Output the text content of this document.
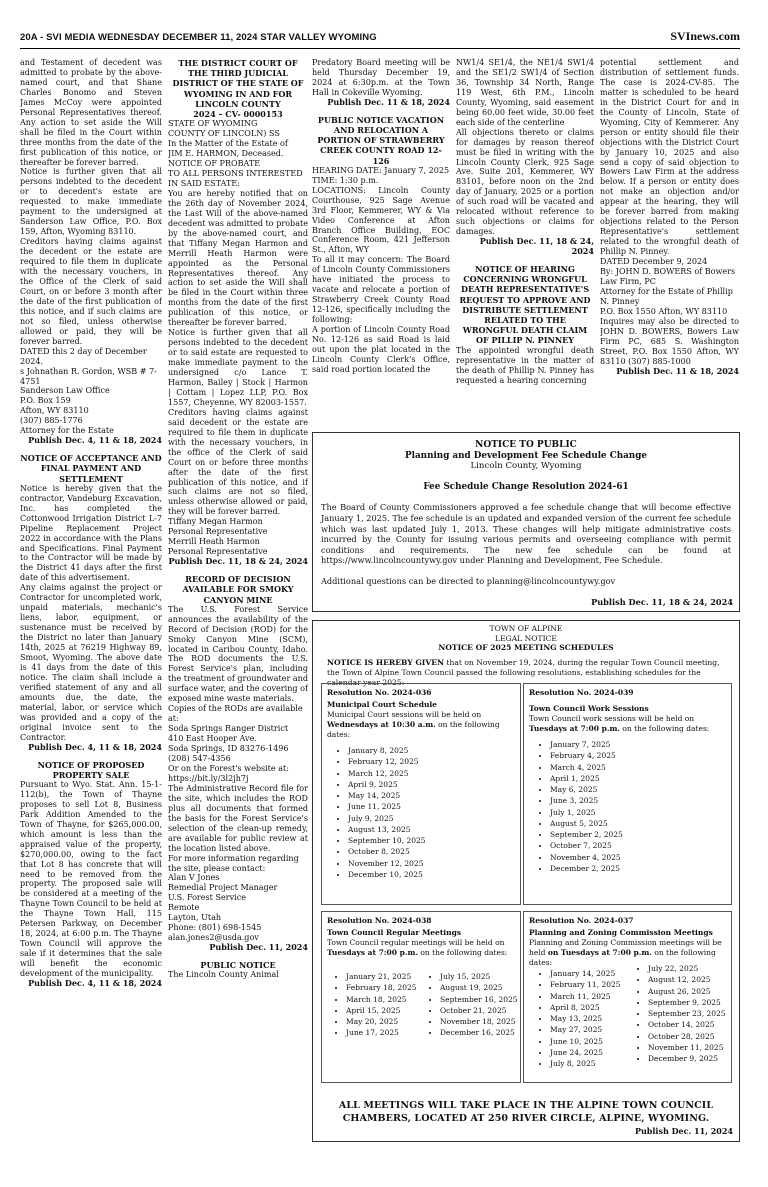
20A - SVI MEDIA WEDNESDAY DECEMBER 11, 2024 STAR VALLEY WYOMING	SVInews.com

and Testament of decedent was admitted to probate by the above-named court, and that Shane Charles Bonomo and Steven James McCoy were appointed Personal Representatives thereof. Any action to set aside the Will shall be filed in the Court within three months from the date of the first publication of this notice, or thereafter be forever barred.

Notice is further given that all persons indebted to the decedent or to decedent's estate are requested to make immediate payment to the undersigned at Sanderson Law Office, P.O. Box 159, Afton, Wyoming 83110.

Creditors having claims against the decedent or the estate are required to file them in duplicate with the necessary vouchers, in the Office of the Clerk of said Court, on or before 3 month after the date of the first publication of this notice, and if such claims are not so filed, unless otherwise allowed or paid, they will be forever barred.

DATED this 2 day of December 2024.

s Johnathan R. Gordon, WSB # 7-4751

Sanderson Law Office

P.O. Box 159

Afton, WY 83110

(307) 885-1776

Attorney for the Estate

Publish Dec. 4, 11 & 18, 2024

NOTICE OF ACCEPTANCE AND FINAL PAYMENT AND SETTLEMENT

Notice is hereby given that the contractor, Vandeburg Excavation, Inc. has completed the Cottonwood Irrigation District L-7 Pipeline Replacement Project 2022 in accordance with the Plans and Specifications. Final Payment to the Contractor will be made by the District 41 days after the first date of this advertisement.

Any claims against the project or Contractor for uncompleted work, unpaid materials, mechanic's liens, labor, equipment, or sustenance must be received by the District no later than January 14th, 2025 at 76219 Highway 89, Smoot, Wyoming. The above date is 41 days from the date of this notice. The claim shall include a verified statement of any and all amounts due, the date, the material, labor, or service which was provided and a copy of the original invoice sent to the Contractor.

Publish Dec. 4, 11 & 18, 2024

NOTICE OF PROPOSED PROPERTY SALE

Pursuant to Wyo. Stat. Ann. 15-1-112(b), the Town of Thayne proposes to sell Lot 8, Business Park Addition Amended to the Town of Thayne, for $265,000.00, which amount is less than the appraised value of the property, $270,000.00, owing to the fact that Lot 8 has concrete that will need to be removed from the property. The proposed sale will be considered at a meeting of the Thayne Town Council to be held at the Thayne Town Hall, 115 Petersen Parkway, on December 18, 2024, at 6:00 p.m. The Thayne Town Council will approve the sale if it determines that the sale will benefit the economic development of the municipality.

Publish Dec. 4, 11 & 18, 2024

THE DISTRICT COURT OF THE THIRD JUDICIAL DISTRICT OF THE STATE OF WYOMING IN AND FOR LINCOLN COUNTY

2024 – CV- 0000153

STATE OF WYOMING

COUNTY OF LINCOLN) SS

In the Matter of the Estate of

JIM E. HARMON, Deceased.

NOTICE OF PROBATE

TO ALL PERSONS INTERESTED IN SAID ESTATE:

You are hereby notified that on the 26th day of November 2024, the Last Will of the above-named decedent was admitted to probate by the above-named court, and that Tiffany Megan Harmon and Merrill Heath Harmon were appointed as the Personal Representatives thereof. Any action to set aside the Will shall be filed in the Court within three months from the date of the first publication of this notice, or thereafter be forever barred.

Notice is further given that all persons indebted to the decedent or to said estate are requested to make immediate payment to the undersigned c/o Lance T. Harmon, Bailey | Stock | Harmon | Cottam | Lopez LLP, P.O. Box 1557, Cheyenne, WY 82003-1557.

Creditors having claims against said decedent or the estate are required to file them in duplicate with the necessary vouchers, in the office of the Clerk of said Court on or before three months after the date of the first publication of this notice, and if such claims are not so filed, unless otherwise allowed or paid, they will be forever barred.

Tiffany Megan Harmon

Personal Representative

Merrill Heath Harmon

Personal Representative

Publish Dec. 11, 18 & 24, 2024

RECORD OF DECISION AVAILABLE FOR SMOKY CANYON MINE

The U.S. Forest Service announces the availability of the Record of Decision (ROD) for the Smoky Canyon Mine (SCM), located in Caribou County, Idaho. The ROD documents the U.S. Forest Service's plan, including the treatment of groundwater and surface water, and the covering of exposed mine waste materials.

Copies of the RODs are available at:

Soda Springs Ranger District

410 East Hooper Ave.

Soda Springs, ID 83276-1496

(208) 547-4356

Or on the Forest's website at:

https://bit.ly/3l2jh7j

The Administrative Record file for the site, which includes the ROD plus all documents that formed the basis for the Forest Service's selection of the clean-up remedy, are available for public review at the location listed above.

For more information regarding the site, please contact:

Alan V Jones

Remedial Project Manager

U.S. Forest Service

Remote

Layton, Utah

Phone: (801) 698-1545

alan.jones2@usda.gov

Publish Dec. 11, 2024

PUBLIC NOTICE

The Lincoln County Animal

Predatory Board meeting will be held Thursday December 19, 2024 at 6:30p.m. at the Town Hall in Cokeville Wyoming.

Publish Dec. 11 & 18, 2024

PUBLIC NOTICE VACATION AND RELOCATION A PORTION OF STRAWBERRY CREEK COUNTY ROAD 12-126

HEARING DATE: January 7, 2025

TIME: 1:30 p.m.

LOCATIONS: Lincoln County Courthouse, 925 Sage Avenue 3rd Floor, Kemmerer, WY & Via Video Conference at Afton Branch Office Building, EOC Conference Room, 421 Jefferson St., Afton, WY

To all it may concern: The Board of Lincoln County Commissioners have initiated the process to vacate and relocate a portion of Strawberry Creek County Road 12-126, specifically including the following:

A portion of Lincoln County Road No. 12-126 as said Road is laid out upon the plat located in the Lincoln County Clerk's Office, said road portion located the

NW1/4 SE1/4, the NE1/4 SW1/4 and the SE1/2 SW1/4 of Section 36, Township 34 North, Range 119 West, 6th P.M., Lincoln County, Wyoming, said easement being 60.00 feet wide, 30.00 feet each side of the centerline

All objections thereto or claims for damages by reason thereof must be filed in writing with the Lincoln County Clerk, 925 Sage Ave. Suite 201, Kemmerer, WY 83101, before noon on the 2nd day of January, 2025 or a portion of such road will be vacated and relocated without reference to such objections or claims for damages.

Publish Dec. 11, 18 & 24, 2024

NOTICE OF HEARING CONCERNING WRONGFUL DEATH REPRESENTATIVE'S REQUEST TO APPROVE AND DISTRIBUTE SETTLEMENT RELATED TO THE WRONGFUL DEATH CLAIM OF PILLIP N. PINNEY

The appointed wrongful death representative in the matter of the death of Phillip N. Pinney has requested a hearing concerning

potential settlement and distribution of settlement funds. The case is 2024-CV-85. The matter is scheduled to be heard in the District Court for and in the County of Lincoln, State of Wyoming, City of Kemmerer. Any person or entity should file their objections with the District Court by January 10, 2025 and also send a copy of said objection to Bowers Law Firm at the address below. If a person or entity does not make an objection and/or appear at the hearing, they will be forever barred from making objections related to the Person Representative's settlement related to the wrongful death of Phillip N. Pinney.

DATED December 9, 2024

By: JOHN D. BOWERS of Bowers Law Firm, PC

Attorney for the Estate of Phillip N. Pinney

P.O. Box 1550 Afton, WY 83110

Inquires may also be directed to JOHN D. BOWERS, Bowers Law Firm PC, 685 S. Washington Street, P.O. Box 1550 Afton, WY 83110 (307) 885-1000

Publish Dec. 11 & 18, 2024

NOTICE TO PUBLIC
Planning and Development Fee Schedule Change
Lincoln County, Wyoming
Fee Schedule Change Resolution 2024-61
The Board of County Commissioners approved a fee schedule change that will become effective January 1, 2025. The fee schedule is an updated and expanded version of the current fee schedule which was last updated July 1, 2013. These changes will help mitigate administrative costs incurred by the County for issuing various permits and overseeing compliance with permit conditions and requirements. The new fee schedule can be found at https://www.lincolncountywy.gov under Planning and Development, Fee Schedule.
Additional questions can be directed to planning@lincolncountywy.gov
Publish Dec. 11, 18 & 24, 2024
TOWN OF ALPINE
LEGAL NOTICE
NOTICE OF 2025 MEETING SCHEDULES
NOTICE IS HEREBY GIVEN that on November 19, 2024, during the regular Town Council meeting, the Town of Alpine Town Council passed the following resolutions, establishing schedules for the calendar year 2025:
Resolution No. 2024-036
Municipal Court Schedule
Municipal Court sessions will be held on Wednesdays at 10:30 a.m. on the following dates:
• January 8, 2025
• February 12, 2025
• March 12, 2025
• April 9, 2025
• May 14, 2025
• June 11, 2025
• July 9, 2025
• August 13, 2025
• September 10, 2025
• October 8, 2025
• November 12, 2025
• December 10, 2025
Resolution No. 2024-039
Town Council Work Sessions
Town Council work sessions will be held on Tuesdays at 7:00 p.m. on the following dates:
• January 7, 2025
• February 4, 2025
• March 4, 2025
• April 1, 2025
• May 6, 2025
• June 3, 2025
• July 1, 2025
• August 5, 2025
• September 2, 2025
• October 7, 2025
• November 4, 2025
• December 2, 2025
Resolution No. 2024-038
Town Council Regular Meetings
Town Council regular meetings will be held on Tuesdays at 7:00 p.m. on the following dates:
• January 21, 2025
• February 18, 2025
• March 18, 2025
• April 15, 2025
• May 20, 2025
• June 17, 2025
• July 15, 2025
• August 19, 2025
• September 16, 2025
• October 21, 2025
• November 18, 2025
• December 16, 2025
Resolution No. 2024-037
Planning and Zoning Commission Meetings
Planning and Zoning Commission meetings will be held on Tuesdays at 7:00 p.m. on the following dates:
• January 14, 2025
• February 11, 2025
• March 11, 2025
• April 8, 2025
• May 13, 2025
• May 27, 2025
• June 10, 2025
• June 24, 2025
• July 8, 2025
• July 22, 2025
• August 12, 2025
• August 26, 2025
• September 9, 2025
• September 23, 2025
• October 14, 2025
• October 28, 2025
• November 11, 2025
• December 9, 2025
ALL MEETINGS WILL TAKE PLACE IN THE ALPINE TOWN COUNCIL CHAMBERS, LOCATED AT 250 RIVER CIRCLE, ALPINE, WYOMING.
Publish Dec. 11, 2024
